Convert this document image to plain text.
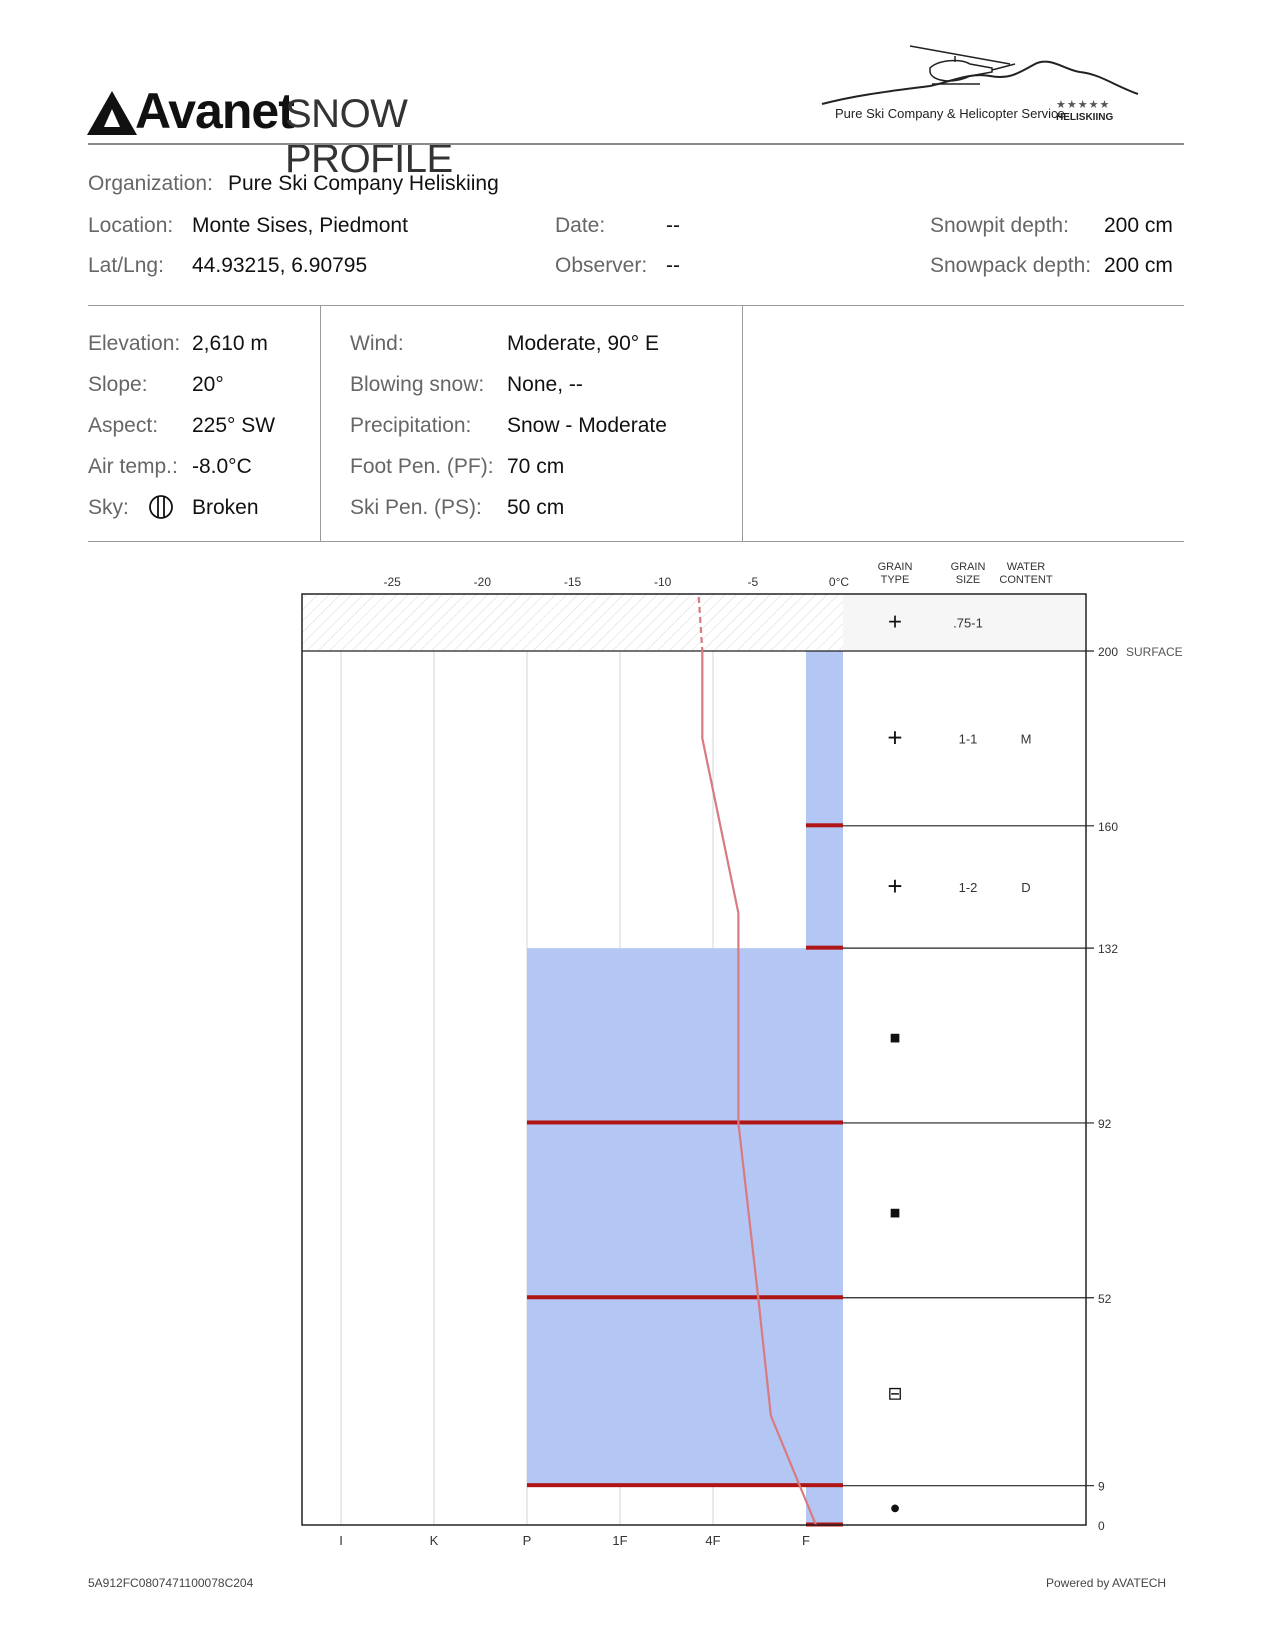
Avanet
SNOW PROFILE
Pure Ski Company & Helicopter Service
★★★★★
HELISKIING
Organization: Pure Ski Company Heliskiing
Location: Monte Sises, Piedmont	Date:	--	Snowpit depth: 200 cm
Lat/Lng: 44.93215, 6.90795	Observer: --	Snowpack depth: 200 cm
Elevation: 2,610 m
Slope: 20°
Aspect: 225° SW
Air temp.: -8.0°C
Sky:	Broken
Wind:	Moderate, 90° E
Blowing snow: None, --
Precipitation: Snow - Moderate
Foot Pen. (PF): 70 cm
Ski Pen. (PS): 50 cm
160
132
92
52
9
200 SURFACE
0
-25	-20	-15	-10	-5	0°C
I	K	P	1F	4F	F
GRAIN
TYPE
GRAIN
SIZE
WATER
CONTENT
+	.75-1
+	1-1	M
+	1-2	D
■
■
⊟
●
5A912FC0807471100078C204	Powered by AVATECH
